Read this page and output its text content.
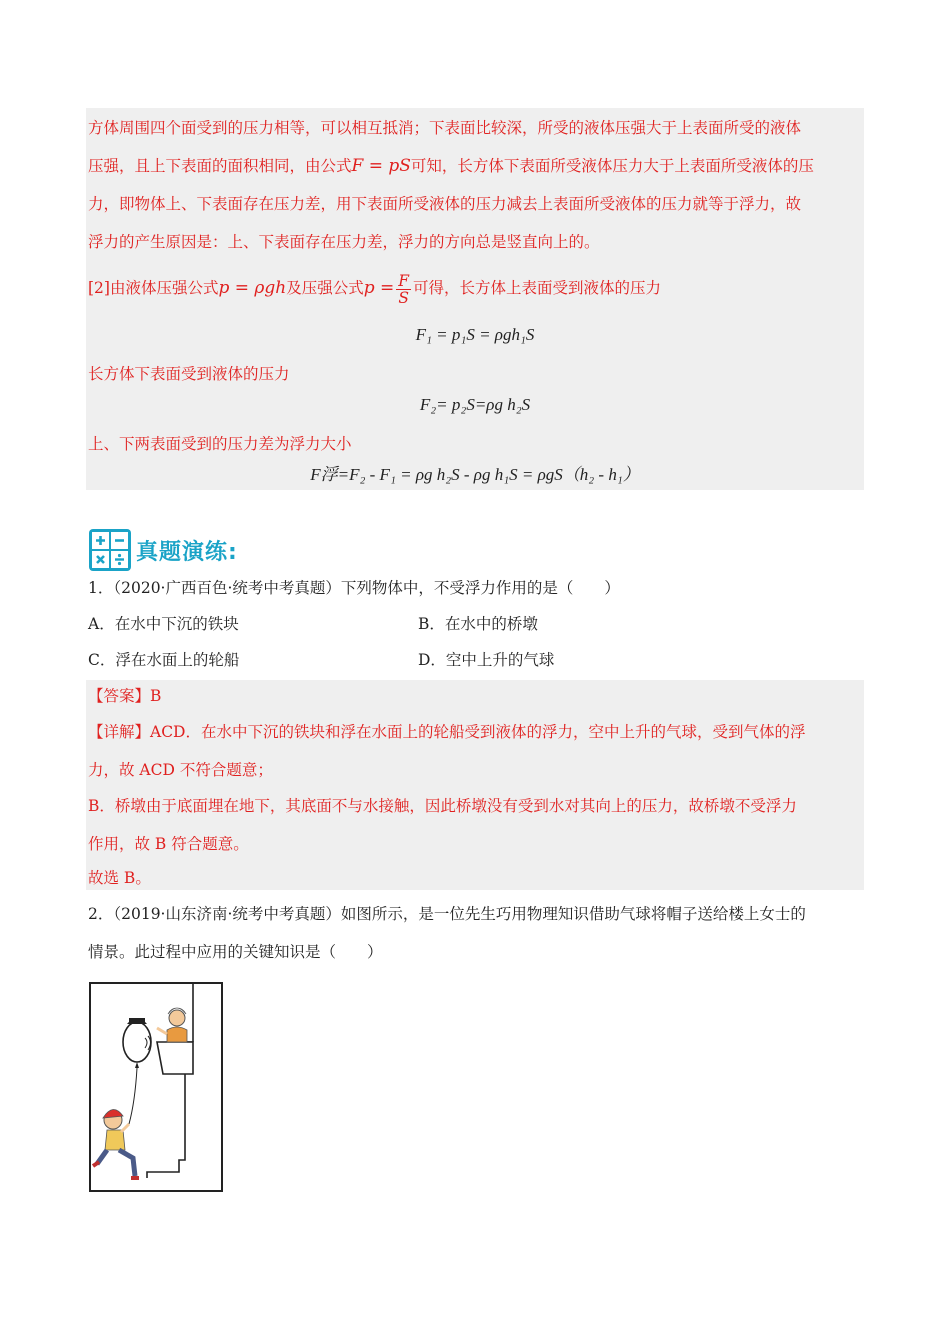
方体周围四个面受到的压力相等，可以相互抵消；下表面比较深，所受的液体压强大于上表面所受的液体
压强，且上下表面的面积相同，由公式F = pS可知，长方体下表面所受液体压力大于上表面所受液体的压
力，即物体上、下表面存在压力差，用下表面所受液体的压力减去上表面所受液体的压力就等于浮力，故
浮力的产生原因是：上、下表面存在压力差，浮力的方向总是竖直向上的。
[2]由液体压强公式p = ρgh及压强公式$p = \frac{F}{S}$ 可得，长方体上表面受到液体的压力
F₁ = p₁S = ρgh₁S
长方体下表面受到液体的压力
F₂= p₂S=ρg h₂S
上、下两表面受到的压力差为浮力大小
F浮=F₂ - F₁ = ρg h₂S - ρg h₁S = ρgS（h₂ - h₁）
真题演练:
1．（2020·广西百色·统考中考真题）下列物体中，不受浮力作用的是（　　）
A．在水中下沉的铁块	B．在水中的桥墩
C．浮在水面上的轮船	D．空中上升的气球
【答案】B
【详解】ACD．在水中下沉的铁块和浮在水面上的轮船受到液体的浮力，空中上升的气球，受到气体的浮
力，故 ACD 不符合题意；
B．桥墩由于底面埋在地下，其底面不与水接触，因此桥墩没有受到水对其向上的压力，故桥墩不受浮力
作用，故 B 符合题意。
故选 B。
2．（2019·山东济南·统考中考真题）如图所示，是一位先生巧用物理知识借助气球将帽子送给楼上女士的
情景。此过程中应用的关键知识是（　　）
